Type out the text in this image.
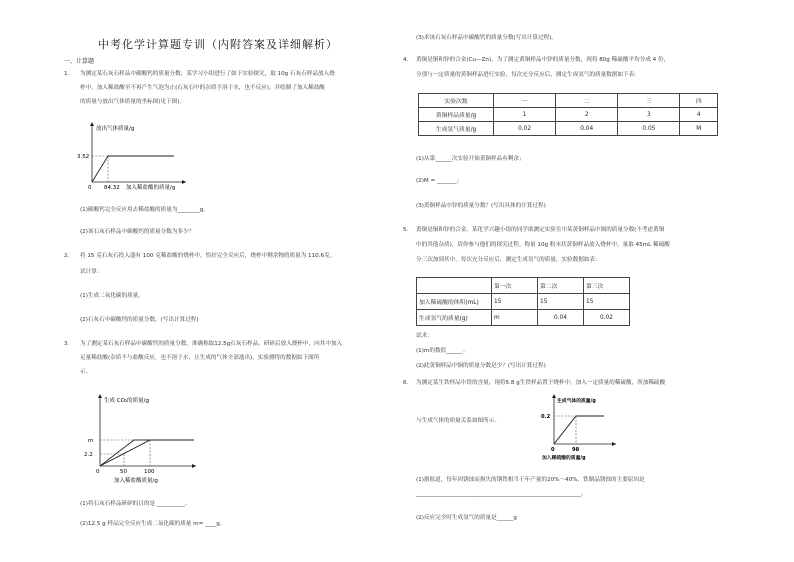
中考化学计算题专训（内附答案及详细解析）
一、计算题
1. 为测定某石灰石样品中碳酸钙的质量分数，某学习小组进行了如下实验探究，取 10g 石灰石样品放入烧
杯中，加入稀盐酸至不再产生气泡为止(石灰石中的杂质不溶于水，也不反应)，并绘制了加入稀盐酸
的质量与放出气体质量的坐标图(见下图)。
放出气体质量/g
3.52
0 84.32 加入稀盐酸的质量/g
(1)碳酸钙完全反应用去稀盐酸的质量为________g。
(2)该石灰石样品中碳酸钙的质量分数为多少？
2. 将 15 克石灰石投入盛有 100 克稀盐酸的烧杯中，恰好完全反应后，烧杯中剩余物的质量为 110.6克。
试计算：
(1)生成二氧化碳的质量。
(2)石灰石中碳酸钙的质量分数。(写出计算过程)
3. 为了测定某石灰石样品中碳酸钙的质量分数，准确称取12.5g石灰石样品，研碎后放入烧杯中，向其中加入
足量稀盐酸(杂质不与盐酸反应，也不溶于水，且生成的气体全部逸出)，实验测得的数据如下图所
示。
生成 CO₂的质量/g
m
2.2
0	50	100
加入稀盐酸质量/g
(1)将石灰石样品研碎的目的是 __________。
(2)12.5 g 样品完全反应生成二氧化碳的质量 m= ____g。
(3)求该石灰石样品中碳酸钙的质量分数(写出计算过程)。
4. 黄铜是铜和锌的合金(Cu—Zn)，为了测定黄铜样品中锌的质量分数，现将 80g 稀硫酸平均分成 4 份，
分别与一定质量的黄铜样品进行实验，每次充分反应后，测定生成氢气的质量数据如下表：
实验次数	一	二	三	四
黄铜样品质量/g	1	2	3	4
生成氢气质量/g	0.02	0.04	0.05	M
(1)从第______次实验开始黄铜样品有剩余；
(2)M = _______；
(3)黄铜样品中锌的质量分数？(写出具体的计算过程)
5. 黄铜是铜和锌的合金。某化学兴趣小组的同学欲测定实验室中某黄铜样品中铜的质量分数(不考虑黄铜
中的其他杂质)，请你参与他们的探究过程。称量 10g 粉末状黄铜样品放入烧杯中，量取 45mL 稀硫酸
分三次加到其中，每次充分反应后，测定生成氢气的质量，实验数据如表：
	第一次	第二次	第三次
加入稀硫酸的体积(mL)	15	15	15
生成氢气的质量(g)	m	0.04	0.02
试求：
(1)m的数值______。
(2)此黄铜样品中铜的质量分数是少？(写出计算过程)
6. 为测定某生铁样品中铁的含量，现将5.8 g生铁样品置于烧杯中，加入一定质量的稀硫酸，所加稀硫酸
与生成气体的质量关系如图所示。
生成气体的质量/g
0.2
0	98
加入稀硫酸的质量/g
(1)据报道，每年因锈蚀而损失的钢铁相当于年产量的20%～40%，铁制品锈蚀的主要原因是
___________________________________________________________。
(2)反应完全时生成氢气的质量是______g
